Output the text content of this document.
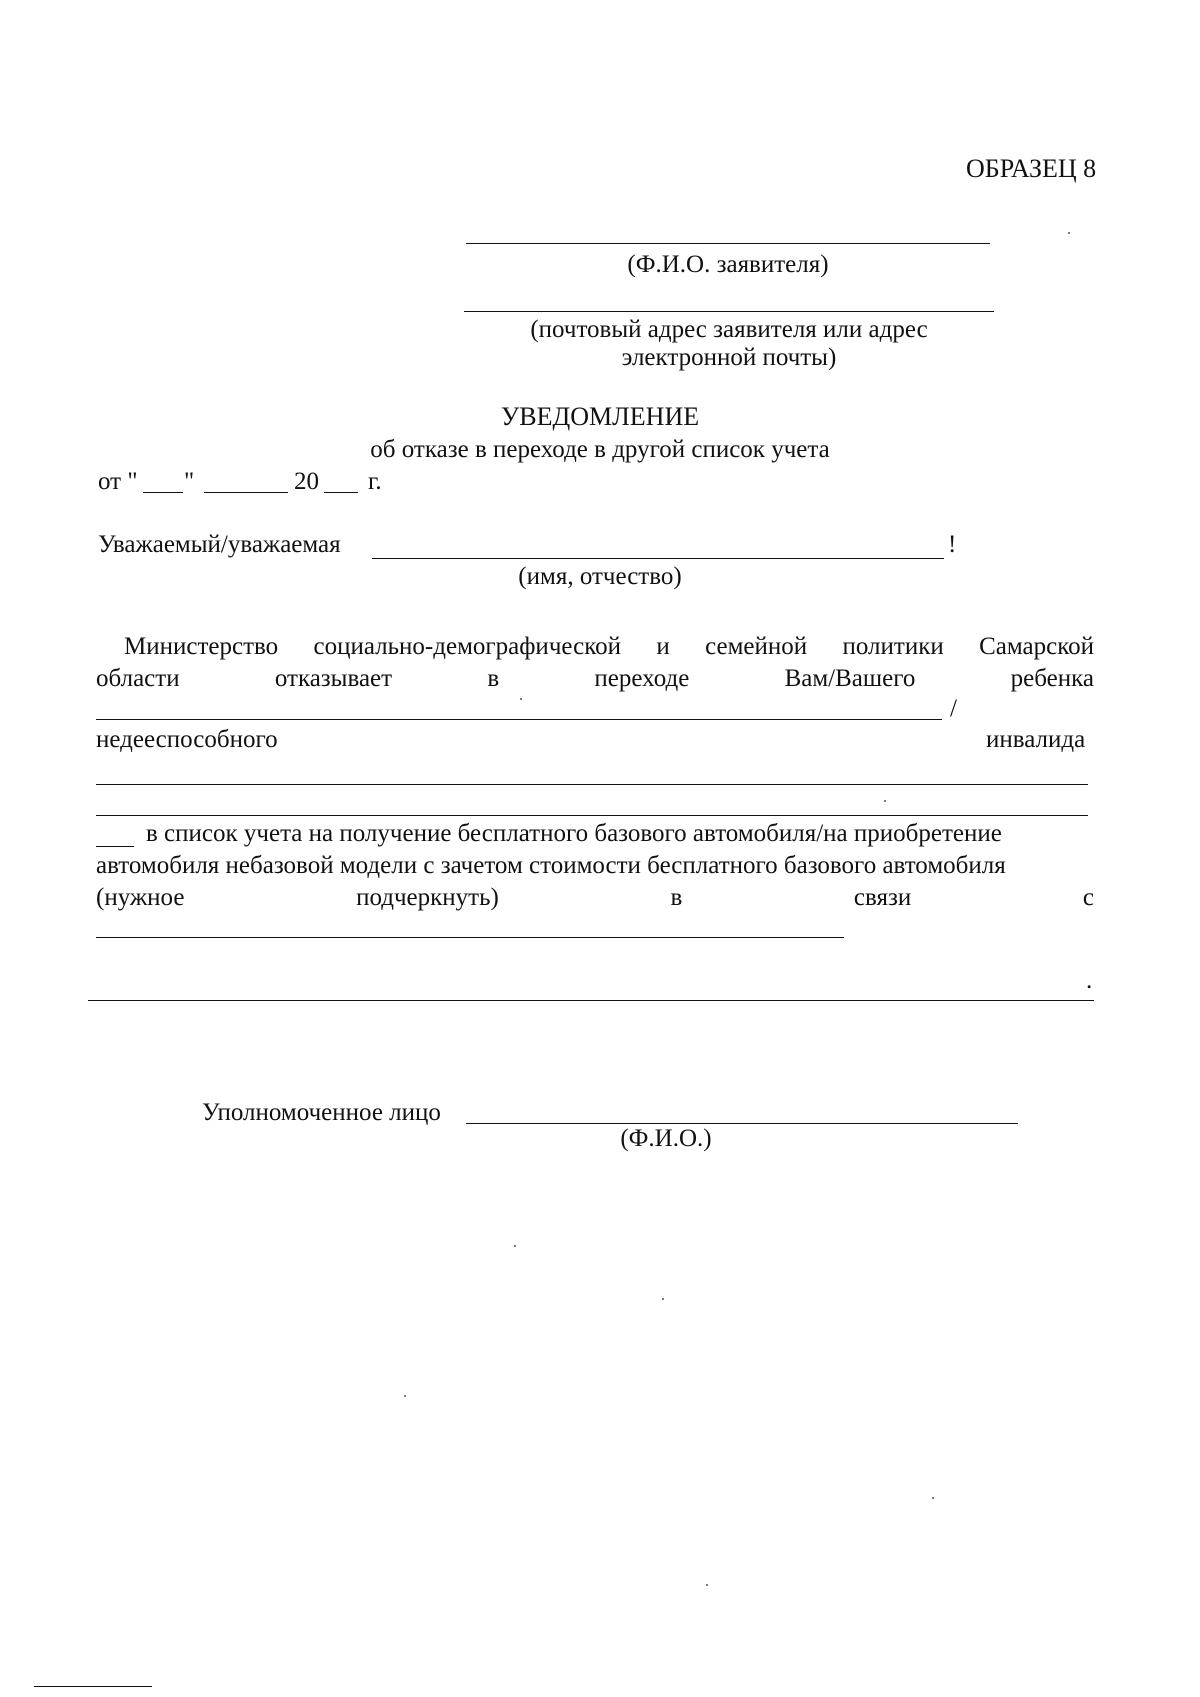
ОБРАЗЕЦ 8
(Ф.И.О. заявителя)
(почтовый адрес заявителя или адрес
электронной почты)
УВЕДОМЛЕНИЕ
об отказе в переходе в другой список учета
от " "	20 г.
Уважаемый/уважаемая	!
(имя, отчество)
Министерство социально-демографической и семейной политики Самарской
области	отказывает	в	переходе	Вам/Вашего	ребенка
/
недееспособного	инвалида
в список учета на получение бесплатного базового автомобиля/на приобретение
автомобиля небазовой модели с зачетом стоимости бесплатного базового автомобиля
(нужное	подчеркнуть)	в	связи	с
.
Уполномоченное лицо
(Ф.И.О.)
